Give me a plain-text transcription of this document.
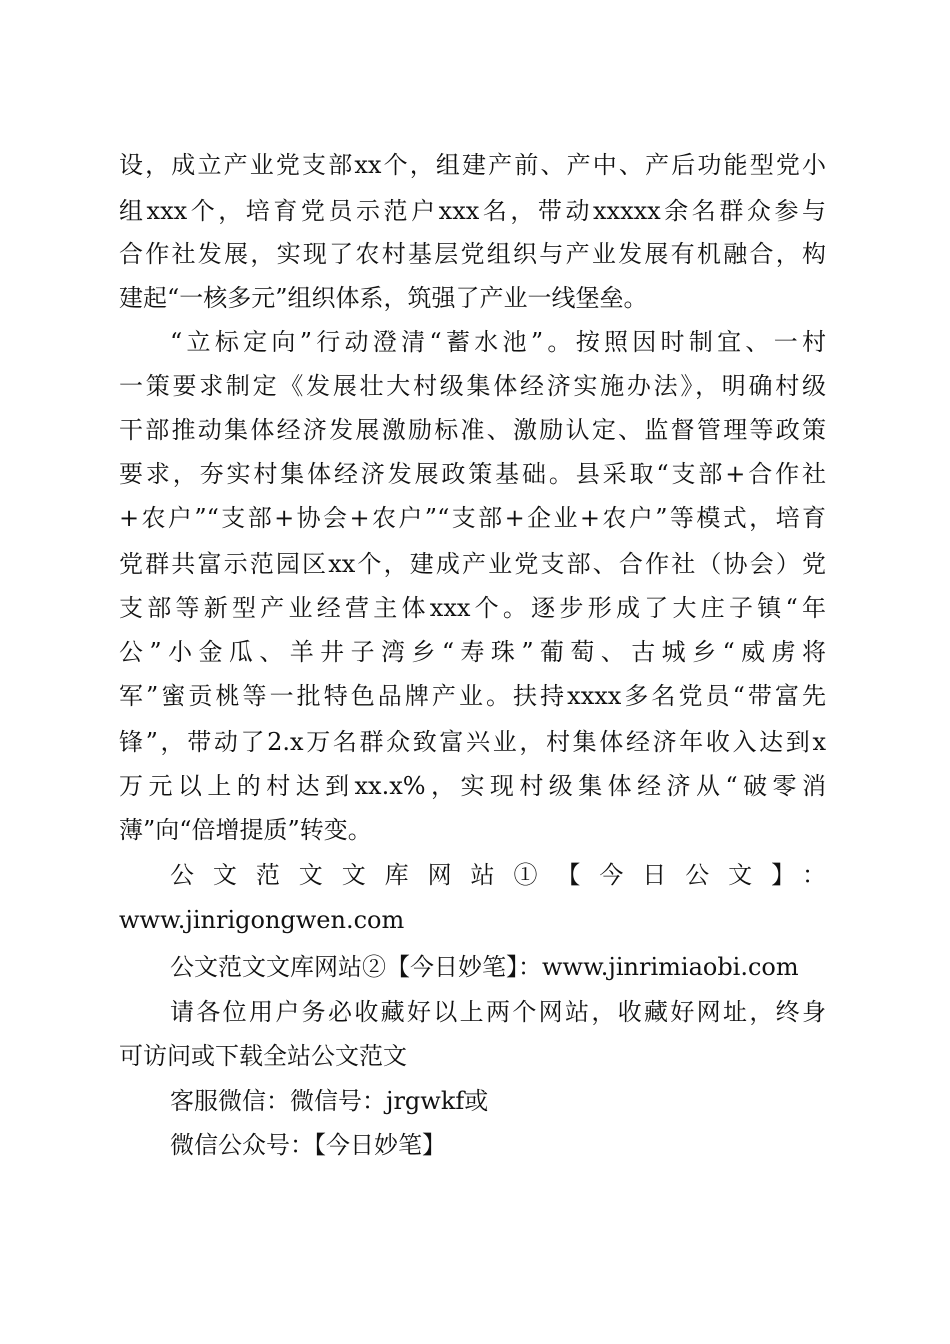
设，成立产业党支部xx个，组建产前、产中、产后功能型党小
组xxx个，培育党员示范户xxx名，带动xxxxx余名群众参与
合作社发展，实现了农村基层党组织与产业发展有机融合，构
建起“一核多元”组织体系，筑强了产业一线堡垒。
“立标定向”行动澄清“蓄水池”。按照因时制宜、一村
一策要求制定《发展壮大村级集体经济实施办法》，明确村级
干部推动集体经济发展激励标准、激励认定、监督管理等政策
要求，夯实村集体经济发展政策基础。县采取“支部+合作社
+农户”“支部+协会+农户”“支部+企业+农户”等模式，培育
党群共富示范园区xx个，建成产业党支部、合作社（协会）党
支部等新型产业经营主体xxx个。逐步形成了大庄子镇“年
公”小金瓜、羊井子湾乡“寿珠”葡萄、古城乡“威虏将
军”蜜贡桃等一批特色品牌产业。扶持xxxx多名党员“带富先
锋”，带动了2.x万名群众致富兴业，村集体经济年收入达到x
万元以上的村达到xx.x%，实现村级集体经济从“破零消
薄”向“倍增提质”转变。
公文范文文库网站①【今日公文】：
www.jinrigongwen.com
公文范文文库网站②【今日妙笔】：www.jinrimiaobi.com
请各位用户务必收藏好以上两个网站，收藏好网址，终身
可访问或下载全站公文范文
客服微信：微信号：jrgwkf或
微信公众号：【今日妙笔】
